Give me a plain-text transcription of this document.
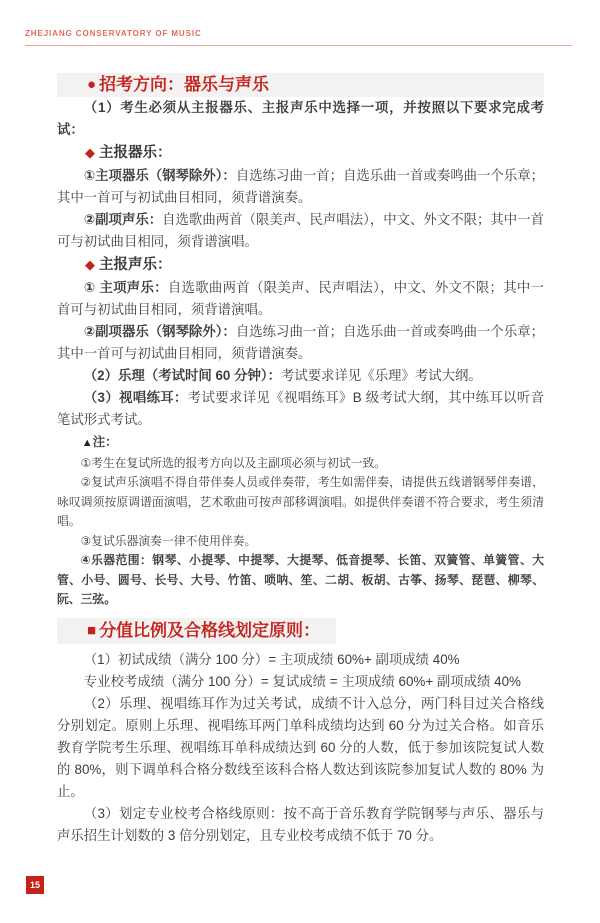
ZHEJIANG CONSERVATORY OF MUSIC
● 招考方向：器乐与声乐

（1）考生必须从主报器乐、主报声乐中选择一项，并按照以下要求完成考试：

◆ 主报器乐：

①主项器乐（钢琴除外）：自选练习曲一首；自选乐曲一首或奏鸣曲一个乐章；其中一首可与初试曲目相同，须背谱演奏。

②副项声乐：自选歌曲两首（限美声、民声唱法），中文、外文不限；其中一首可与初试曲目相同，须背谱演唱。

◆ 主报声乐：

① 主项声乐：自选歌曲两首（限美声、民声唱法），中文、外文不限；其中一首可与初试曲目相同，须背谱演唱。

②副项器乐（钢琴除外）：自选练习曲一首；自选乐曲一首或奏鸣曲一个乐章；其中一首可与初试曲目相同，须背谱演奏。

（2）乐理（考试时间 60 分钟）：考试要求详见《乐理》考试大纲。

（3）视唱练耳：考试要求详见《视唱练耳》B 级考试大纲，其中练耳以听音笔试形式考试。

▲注：

①考生在复试所选的报考方向以及主副项必须与初试一致。

②复试声乐演唱不得自带伴奏人员或伴奏带，考生如需伴奏，请提供五线谱钢琴伴奏谱，咏叹调须按原调谱面演唱，艺术歌曲可按声部移调演唱。如提供伴奏谱不符合要求，考生须清唱。

③复试乐器演奏一律不使用伴奏。

④乐器范围：钢琴、小提琴、中提琴、大提琴、低音提琴、长笛、双簧管、单簧管、大管、小号、圆号、长号、大号、竹笛、唢呐、笙、二胡、板胡、古筝、扬琴、琵琶、柳琴、阮、三弦。

■ 分值比例及合格线划定原则：

（1）初试成绩（满分 100 分）= 主项成绩 60%+ 副项成绩 40%

专业校考成绩（满分 100 分）= 复试成绩 = 主项成绩 60%+ 副项成绩 40%

（2）乐理、视唱练耳作为过关考试，成绩不计入总分，两门科目过关合格线分别划定。原则上乐理、视唱练耳两门单科成绩均达到 60 分为过关合格。如音乐教育学院考生乐理、视唱练耳单科成绩达到 60 分的人数，低于参加该院复试人数的 80%，则下调单科合格分数线至该科合格人数达到该院参加复试人数的 80% 为止。

（3）划定专业校考合格线原则：按不高于音乐教育学院钢琴与声乐、器乐与声乐招生计划数的 3 倍分别划定，且专业校考成绩不低于 70 分。

15
